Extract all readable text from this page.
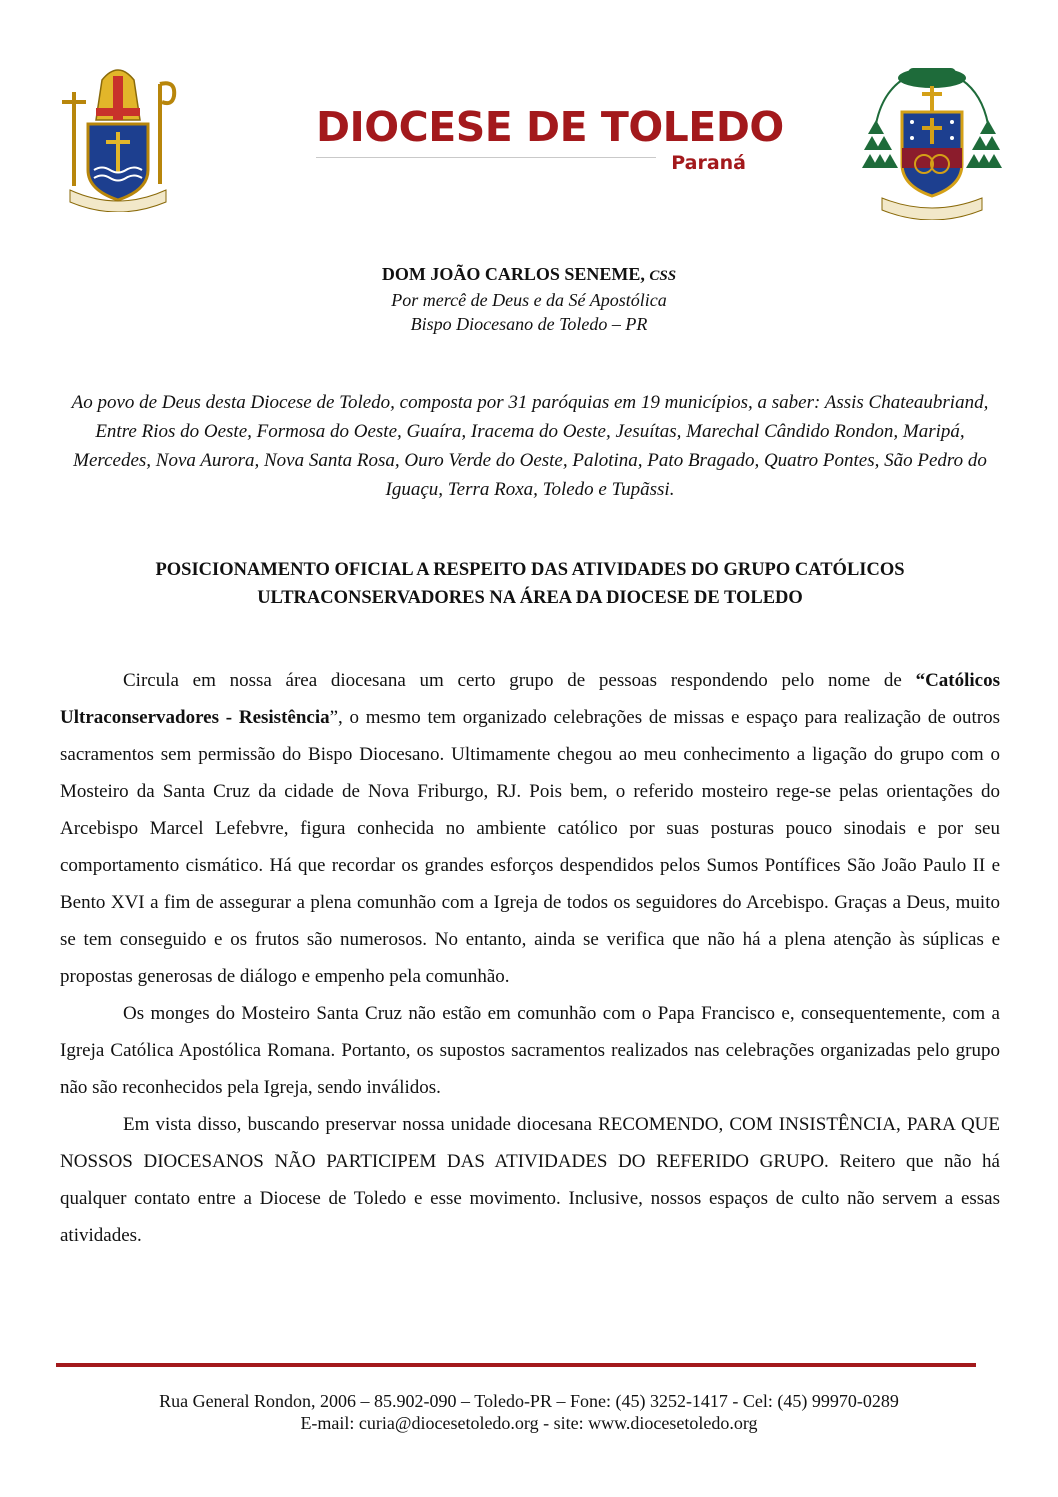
DIOCESE DE TOLEDO
Paraná
DOM JOÃO CARLOS SENEME, CSS
Por mercê de Deus e da Sé Apostólica
Bispo Diocesano de Toledo – PR
Ao povo de Deus desta Diocese de Toledo, composta por 31 paróquias em 19 municípios, a saber: Assis Chateaubriand, Entre Rios do Oeste, Formosa do Oeste, Guaíra, Iracema do Oeste, Jesuítas, Marechal Cândido Rondon, Maripá, Mercedes, Nova Aurora, Nova Santa Rosa, Ouro Verde do Oeste, Palotina, Pato Bragado, Quatro Pontes, São Pedro do Iguaçu, Terra Roxa, Toledo e Tupãssi.
POSICIONAMENTO OFICIAL A RESPEITO DAS ATIVIDADES DO GRUPO CATÓLICOS
ULTRACONSERVADORES NA ÁREA DA DIOCESE DE TOLEDO

Circula em nossa área diocesana um certo grupo de pessoas respondendo pelo nome de “Católicos Ultraconservadores - Resistência”, o mesmo tem organizado celebrações de missas e espaço para realização de outros sacramentos sem permissão do Bispo Diocesano. Ultimamente chegou ao meu conhecimento a ligação do grupo com o Mosteiro da Santa Cruz da cidade de Nova Friburgo, RJ. Pois bem, o referido mosteiro rege-se pelas orientações do Arcebispo Marcel Lefebvre, figura conhecida no ambiente católico por suas posturas pouco sinodais e por seu comportamento cismático. Há que recordar os grandes esforços despendidos pelos Sumos Pontífices São João Paulo II e Bento XVI a fim de assegurar a plena comunhão com a Igreja de todos os seguidores do Arcebispo. Graças a Deus, muito se tem conseguido e os frutos são numerosos. No entanto, ainda se verifica que não há a plena atenção às súplicas e propostas generosas de diálogo e empenho pela comunhão.

Os monges do Mosteiro Santa Cruz não estão em comunhão com o Papa Francisco e, consequentemente, com a Igreja Católica Apostólica Romana. Portanto, os supostos sacramentos realizados nas celebrações organizadas pelo grupo não são reconhecidos pela Igreja, sendo inválidos.

Em vista disso, buscando preservar nossa unidade diocesana RECOMENDO, COM INSISTÊNCIA, PARA QUE NOSSOS DIOCESANOS NÃO PARTICIPEM DAS ATIVIDADES DO REFERIDO GRUPO. Reitero que não há qualquer contato entre a Diocese de Toledo e esse movimento. Inclusive, nossos espaços de culto não servem a essas atividades.

Rua General Rondon, 2006 – 85.902-090 – Toledo-PR – Fone: (45) 3252-1417 - Cel: (45) 99970-0289
E-mail: curia@diocesetoledo.org - site: www.diocesetoledo.org
